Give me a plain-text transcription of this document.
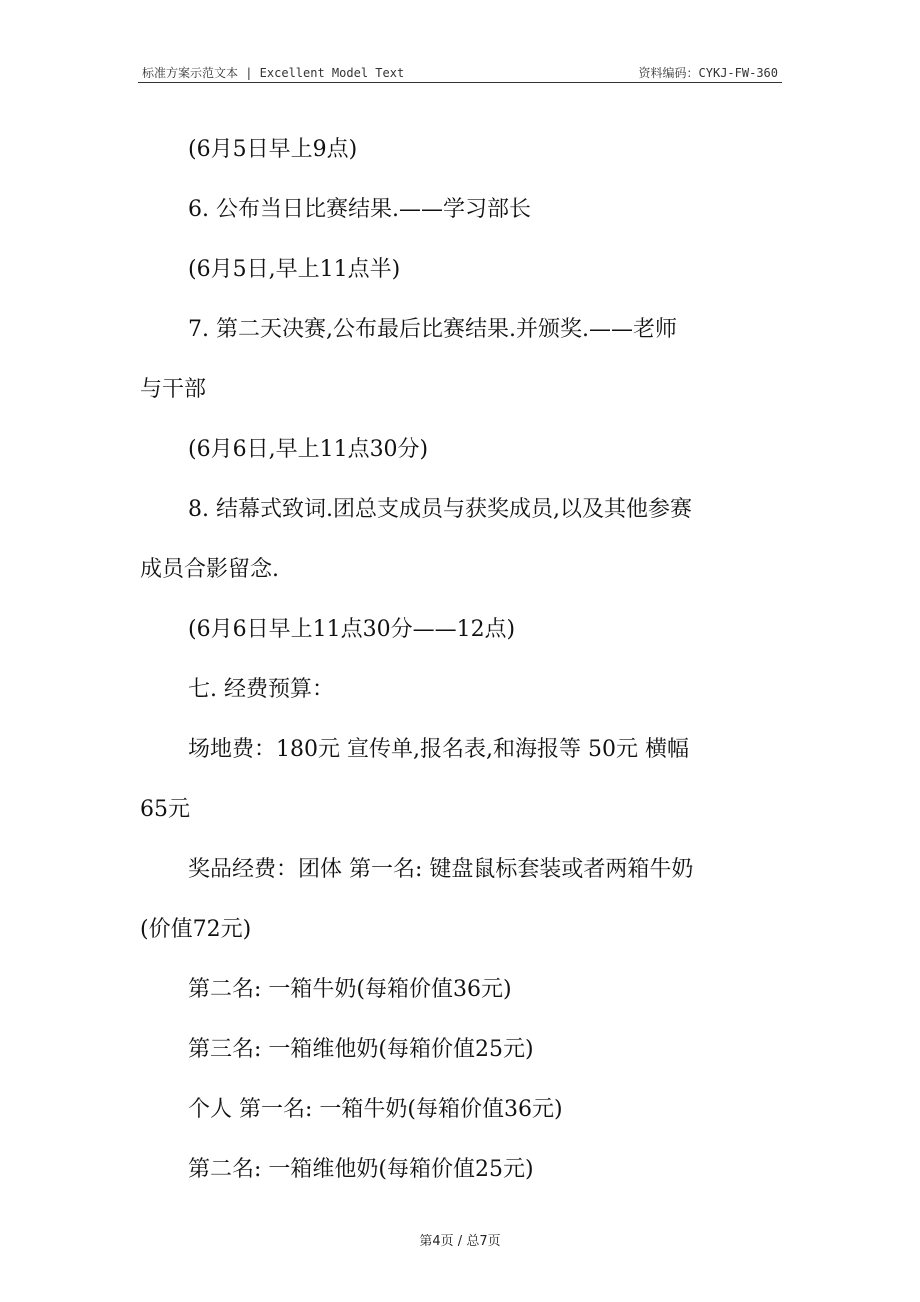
标准方案示范文本 | Excellent Model Text	资料编码：CYKJ-FW-360
(6月5日早上9点)
6. 公布当日比赛结果.——学习部长
(6月5日,早上11点半)
7. 第二天决赛,公布最后比赛结果.并颁奖.——老师
与干部
(6月6日,早上11点30分)
8. 结幕式致词.团总支成员与获奖成员,以及其他参赛
成员合影留念.
(6月6日早上11点30分——12点)
七. 经费预算：
场地费：180元 宣传单,报名表,和海报等 50元 横幅
65元
奖品经费：团体 第一名: 键盘鼠标套装或者两箱牛奶
(价值72元)
第二名: 一箱牛奶(每箱价值36元)
第三名: 一箱维他奶(每箱价值25元)
个人 第一名: 一箱牛奶(每箱价值36元)
第二名: 一箱维他奶(每箱价值25元)
第4页 / 总7页
